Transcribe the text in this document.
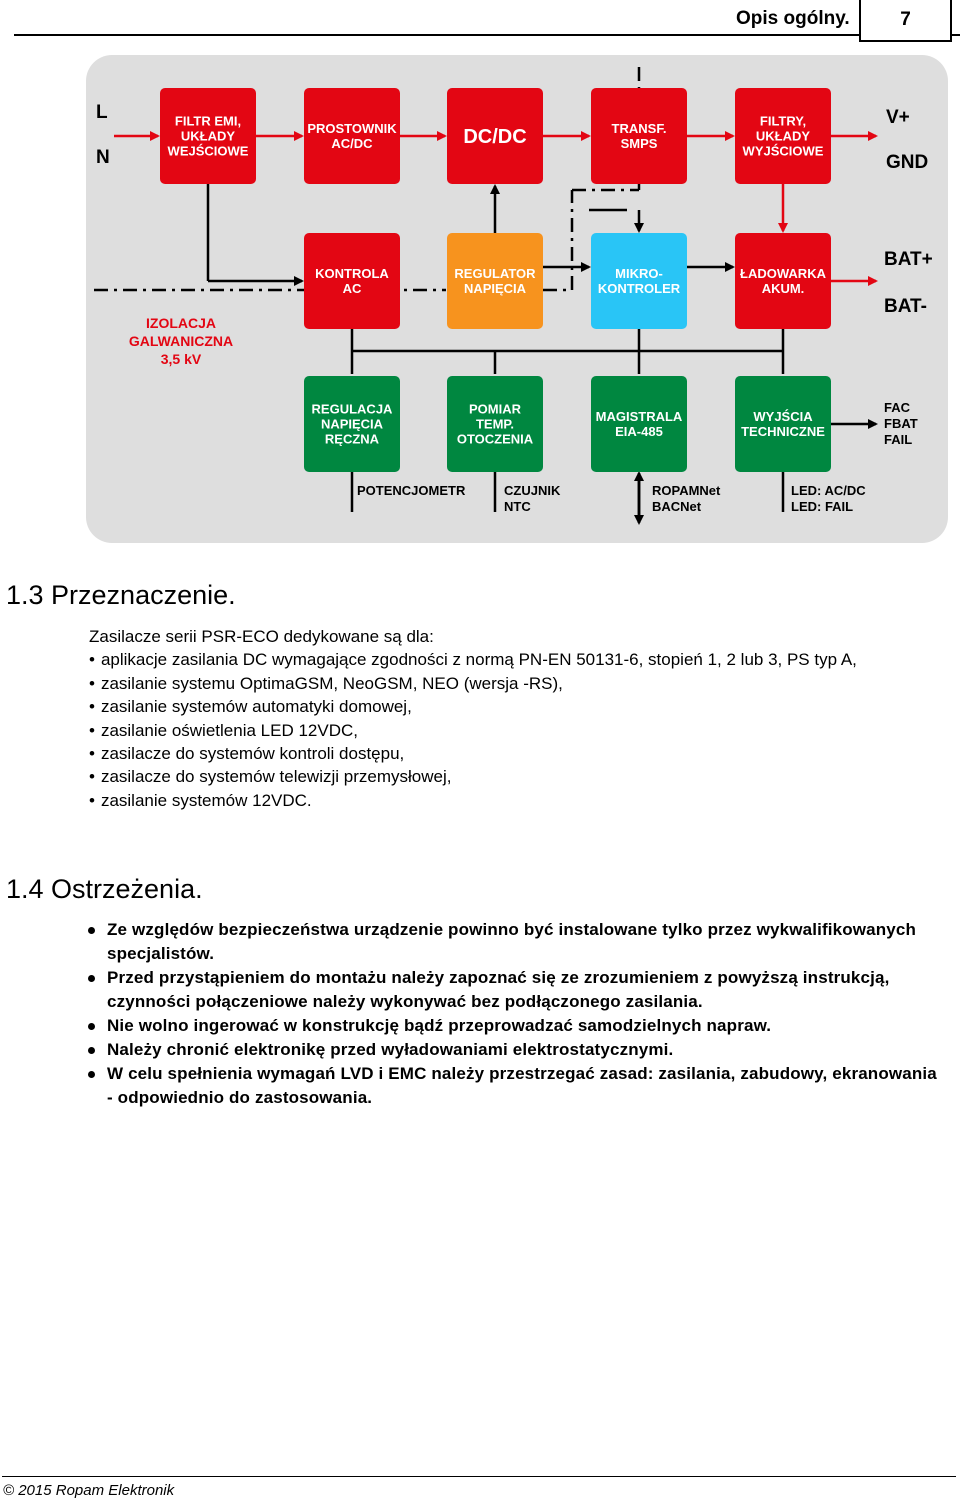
Opis ogólny.	7
FILTR EMI, UKŁADY WEJŚCIOWE
PROSTOWNIK AC/DC	DC/DC	TRANSF. SMPS
FILTRY, UKŁADY WYJŚCIOWE
KONTROLA AC
REGULATOR NAPIĘCIA
MIKRO-KONTROLER
ŁADOWARKA AKUM.
REGULACJA NAPIĘCIA RĘCZNA
POMIAR TEMP. OTOCZENIA
MAGISTRALA EIA-485
WYJŚCIA TECHNICZNE
L
N
V+
GND
BAT+
BAT-
FAC
FBAT
FAIL
IZOLACJA GALWANICZNA 3,5 kV
POTENCJOMETR	CZUJNIK NTC
ROPAMNet BACNet
LED: AC/DC LED: FAIL
1.3 Przeznaczenie.
Zasilacze serii PSR-ECO dedykowane są dla:
• aplikacje zasilania DC wymagające zgodności z normą PN-EN 50131-6, stopień 1, 2 lub 3, PS typ A,
• zasilanie systemu OptimaGSM, NeoGSM, NEO (wersja -RS),
• zasilanie systemów automatyki domowej,
• zasilanie oświetlenia LED 12VDC,
• zasilacze do systemów kontroli dostępu,
• zasilacze do systemów telewizji przemysłowej,
• zasilanie systemów 12VDC.
1.4 Ostrzeżenia.
Ze względów bezpieczeństwa urządzenie powinno być instalowane tylko przez wykwalifikowanych specjalistów.
Przed przystąpieniem do montażu należy zapoznać się ze zrozumieniem z powyższą instrukcją, czynności połączeniowe należy wykonywać bez podłączonego zasilania.
Nie wolno ingerować w konstrukcję bądź przeprowadzać samodzielnych napraw.
Należy chronić elektronikę przed wyładowaniami elektrostatycznymi.
W celu spełnienia wymagań LVD i EMC należy przestrzegać zasad: zasilania, zabudowy, ekranowania - odpowiednio do zastosowania.
© 2015 Ropam Elektronik
